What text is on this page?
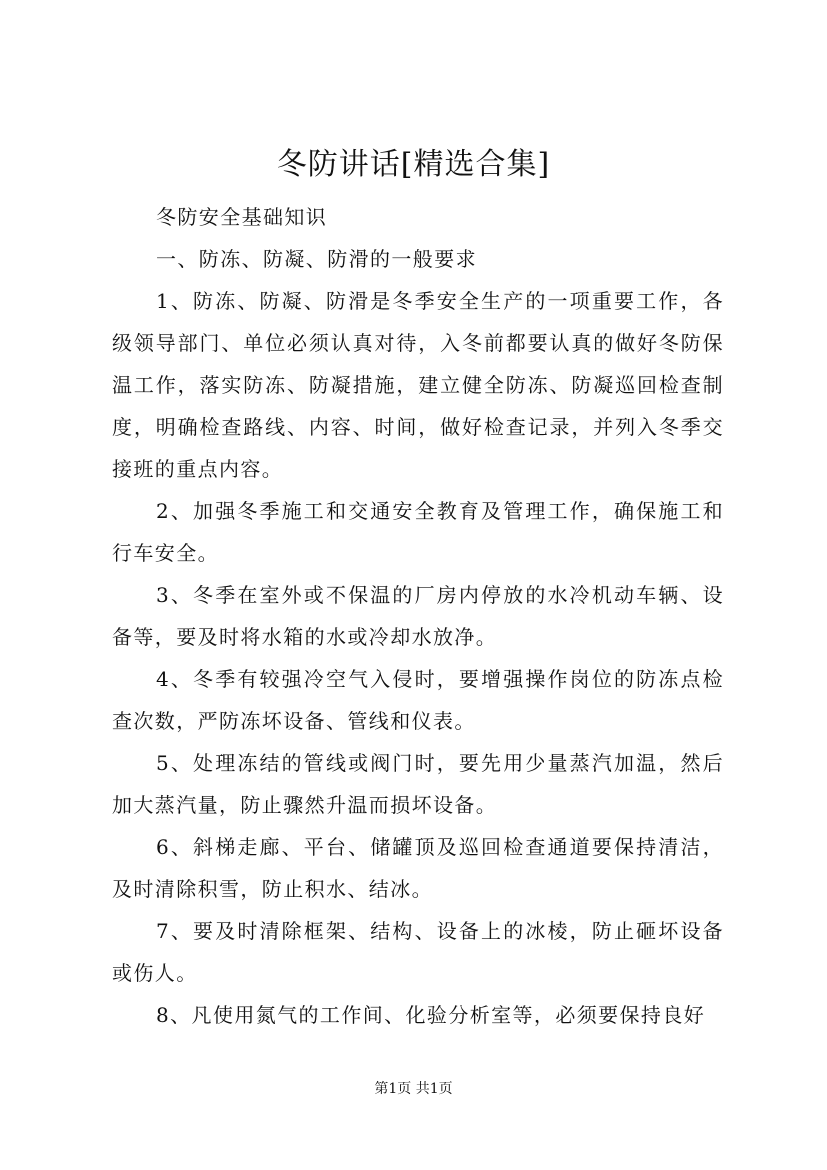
冬防讲话[精选合集]

冬防安全基础知识

一、防冻、防凝、防滑的一般要求

1、防冻、防凝、防滑是冬季安全生产的一项重要工作，各级领导部门、单位必须认真对待，入冬前都要认真的做好冬防保温工作，落实防冻、防凝措施，建立健全防冻、防凝巡回检查制度，明确检查路线、内容、时间，做好检查记录，并列入冬季交接班的重点内容。

2、加强冬季施工和交通安全教育及管理工作，确保施工和行车安全。

3、冬季在室外或不保温的厂房内停放的水冷机动车辆、设备等，要及时将水箱的水或冷却水放净。

4、冬季有较强冷空气入侵时，要增强操作岗位的防冻点检查次数，严防冻坏设备、管线和仪表。

5、处理冻结的管线或阀门时，要先用少量蒸汽加温，然后加大蒸汽量，防止骤然升温而损坏设备。

6、斜梯走廊、平台、储罐顶及巡回检查通道要保持清洁，及时清除积雪，防止积水、结冰。

7、要及时清除框架、结构、设备上的冰棱，防止砸坏设备或伤人。

8、凡使用氮气的工作间、化验分析室等，必须要保持良好

第1页 共1页
